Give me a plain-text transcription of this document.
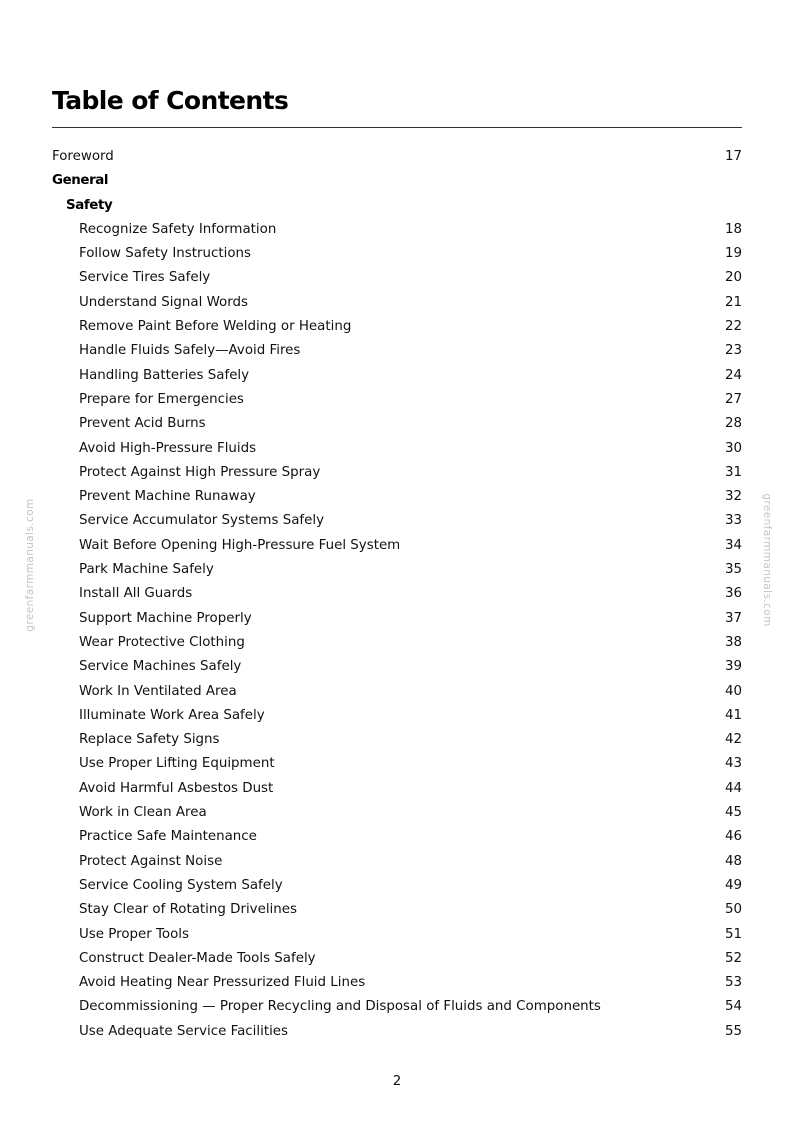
greenfarmmanuals.com	greenfarmmanuals.com
Table of Contents
Foreword	17
General
Safety
Recognize Safety Information	18
Follow Safety Instructions	19
Service Tires Safely	20
Understand Signal Words	21
Remove Paint Before Welding or Heating	22
Handle Fluids Safely—Avoid Fires	23
Handling Batteries Safely	24
Prepare for Emergencies	27
Prevent Acid Burns	28
Avoid High-Pressure Fluids	30
Protect Against High Pressure Spray	31
Prevent Machine Runaway	32
Service Accumulator Systems Safely	33
Wait Before Opening High-Pressure Fuel System	34
Park Machine Safely	35
Install All Guards	36
Support Machine Properly	37
Wear Protective Clothing	38
Service Machines Safely	39
Work In Ventilated Area	40
Illuminate Work Area Safely	41
Replace Safety Signs	42
Use Proper Lifting Equipment	43
Avoid Harmful Asbestos Dust	44
Work in Clean Area	45
Practice Safe Maintenance	46
Protect Against Noise	48
Service Cooling System Safely	49
Stay Clear of Rotating Drivelines	50
Use Proper Tools	51
Construct Dealer-Made Tools Safely	52
Avoid Heating Near Pressurized Fluid Lines	53
Decommissioning — Proper Recycling and Disposal of Fluids and Components	54
Use Adequate Service Facilities	55
2
